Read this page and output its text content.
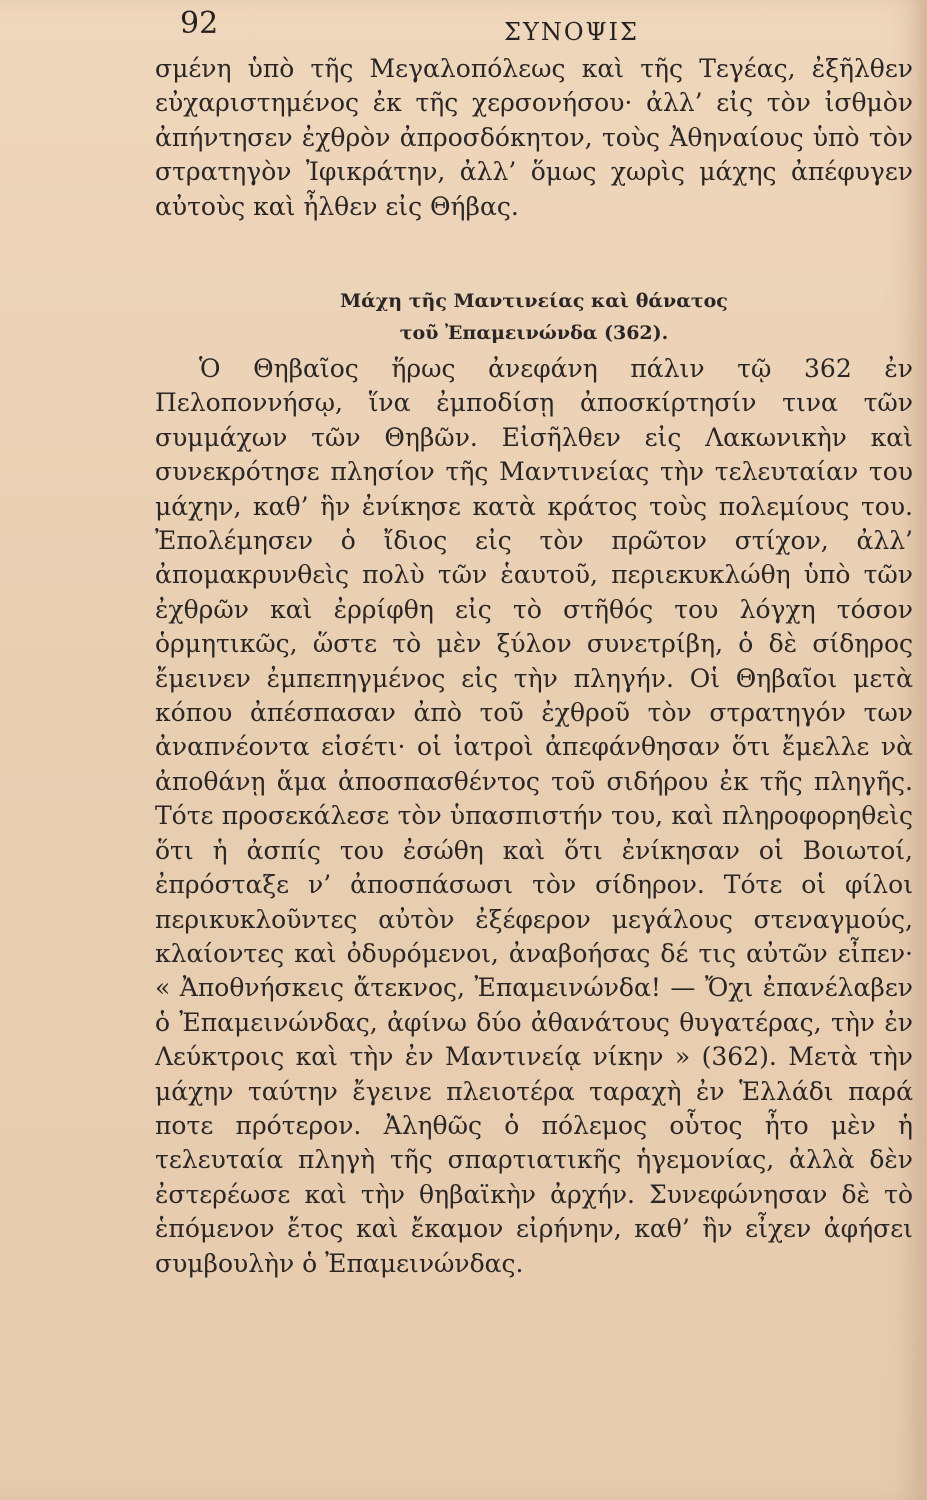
92	ΣΥΝΟΨΙΣ

σμένη ὑπὸ τῆς Μεγαλοπόλεως καὶ τῆς Τεγέας, ἐξῆλθεν εὐχαριστημένος ἐκ τῆς χερσονήσου· ἀλλ’ εἰς τὸν ἰσθμὸν ἀπήντησεν ἐχθρὸν ἀπροσδόκητον, τοὺς Ἀθηναίους ὑπὸ τὸν στρατηγὸν Ἰφικράτην, ἀλλ’ ὅμως χωρὶς μάχης ἀπέφυγεν αὐτοὺς καὶ ἦλθεν εἰς Θήβας.

Μάχη τῆς Μαντινείας καὶ θάνατος
τοῦ Ἐπαμεινώνδα (362).

Ὁ Θηβαῖος ἥρως ἀνεφάνη πάλιν τῷ 362 ἐν Πελοποννήσῳ, ἵνα ἐμποδίσῃ ἀποσκίρτησίν τινα τῶν συμμάχων τῶν Θηβῶν. Εἰσῆλθεν εἰς Λακωνικὴν καὶ συνεκρότησε πλησίον τῆς Μαντινείας τὴν τελευταίαν του μάχην, καθ’ ἣν ἐνίκησε κατὰ κράτος τοὺς πολεμίους του. Ἐπολέμησεν ὁ ἴδιος εἰς τὸν πρῶτον στίχον, ἀλλ’ ἀπομακρυνθεὶς πολὺ τῶν ἑαυτοῦ, περιεκυκλώθη ὑπὸ τῶν ἐχθρῶν καὶ ἐρρίφθη εἰς τὸ στῆθός του λόγχη τόσον ὁρμητικῶς, ὥστε τὸ μὲν ξύλον συνετρίβη, ὁ δὲ σίδηρος ἔμεινεν ἐμπεπηγμένος εἰς τὴν πληγήν. Οἱ Θηβαῖοι μετὰ κόπου ἀπέσπασαν ἀπὸ τοῦ ἐχθροῦ τὸν στρατηγόν των ἀναπνέοντα εἰσέτι· οἱ ἰατροὶ ἀπεφάνθησαν ὅτι ἔμελλε νὰ ἀποθάνῃ ἅμα ἀποσπασθέντος τοῦ σιδήρου ἐκ τῆς πληγῆς. Τότε προσεκάλεσε τὸν ὑπασπιστήν του, καὶ πληροφορηθεὶς ὅτι ἡ ἀσπίς του ἐσώθη καὶ ὅτι ἐνίκησαν οἱ Βοιωτοί, ἐπρόσταξε ν’ ἀποσπάσωσι τὸν σίδηρον. Τότε οἱ φίλοι περικυκλοῦντες αὐτὸν ἐξέφερον μεγάλους στεναγμούς, κλαίοντες καὶ ὀδυρόμενοι, ἀναβοήσας δέ τις αὐτῶν εἶπεν· « Ἀποθνήσκεις ἄτεκνος, Ἐπαμεινώνδα! — Ὄχι ἐπανέλαβεν ὁ Ἐπαμεινώνδας, ἀφίνω δύο ἀθανάτους θυγατέρας, τὴν ἐν Λεύκτροις καὶ τὴν ἐν Μαντινείᾳ νίκην » (362). Μετὰ τὴν μάχην ταύτην ἔγεινε πλειοτέρα ταραχὴ ἐν Ἑλλάδι παρά ποτε πρότερον. Ἀληθῶς ὁ πόλεμος οὗτος ἦτο μὲν ἡ τελευταία πληγὴ τῆς σπαρτιατικῆς ἡγεμονίας, ἀλλὰ δὲν ἐστερέωσε καὶ τὴν θηβαϊκὴν ἀρχήν. Συνεφώνησαν δὲ τὸ ἑπόμενον ἔτος καὶ ἔκαμον εἰρήνην, καθ’ ἣν εἶχεν ἀφήσει συμβουλὴν ὁ Ἐπαμεινώνδας.
